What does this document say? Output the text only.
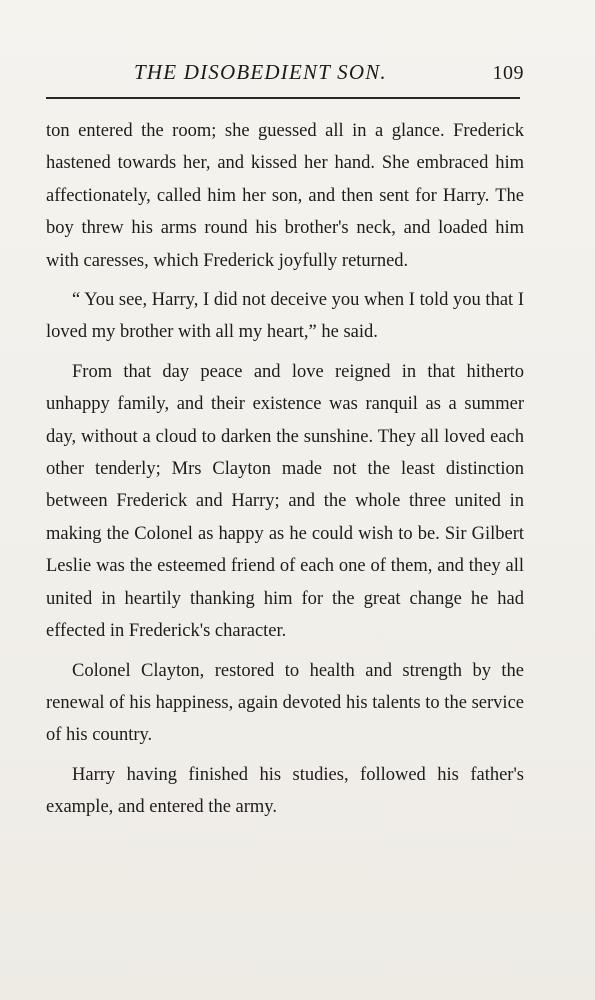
THE DISOBEDIENT SON.	109

ton entered the room; she guessed all in a glance. Frederick hastened towards her, and kissed her hand. She embraced him affectionately, called him her son, and then sent for Harry. The boy threw his arms round his brother's neck, and loaded him with caresses, which Frederick joyfully returned.

“ You see, Harry, I did not deceive you when I told you that I loved my brother with all my heart,” he said.

From that day peace and love reigned in that hitherto unhappy family, and their existence was ranquil as a summer day, without a cloud to darken the sunshine. They all loved each other tenderly; Mrs Clayton made not the least distinction between Frederick and Harry; and the whole three united in making the Colonel as happy as he could wish to be. Sir Gilbert Leslie was the esteemed friend of each one of them, and they all united in heartily thanking him for the great change he had effected in Frederick's character.

Colonel Clayton, restored to health and strength by the renewal of his happiness, again devoted his talents to the service of his country.

Harry having finished his studies, followed his father's example, and entered the army.
